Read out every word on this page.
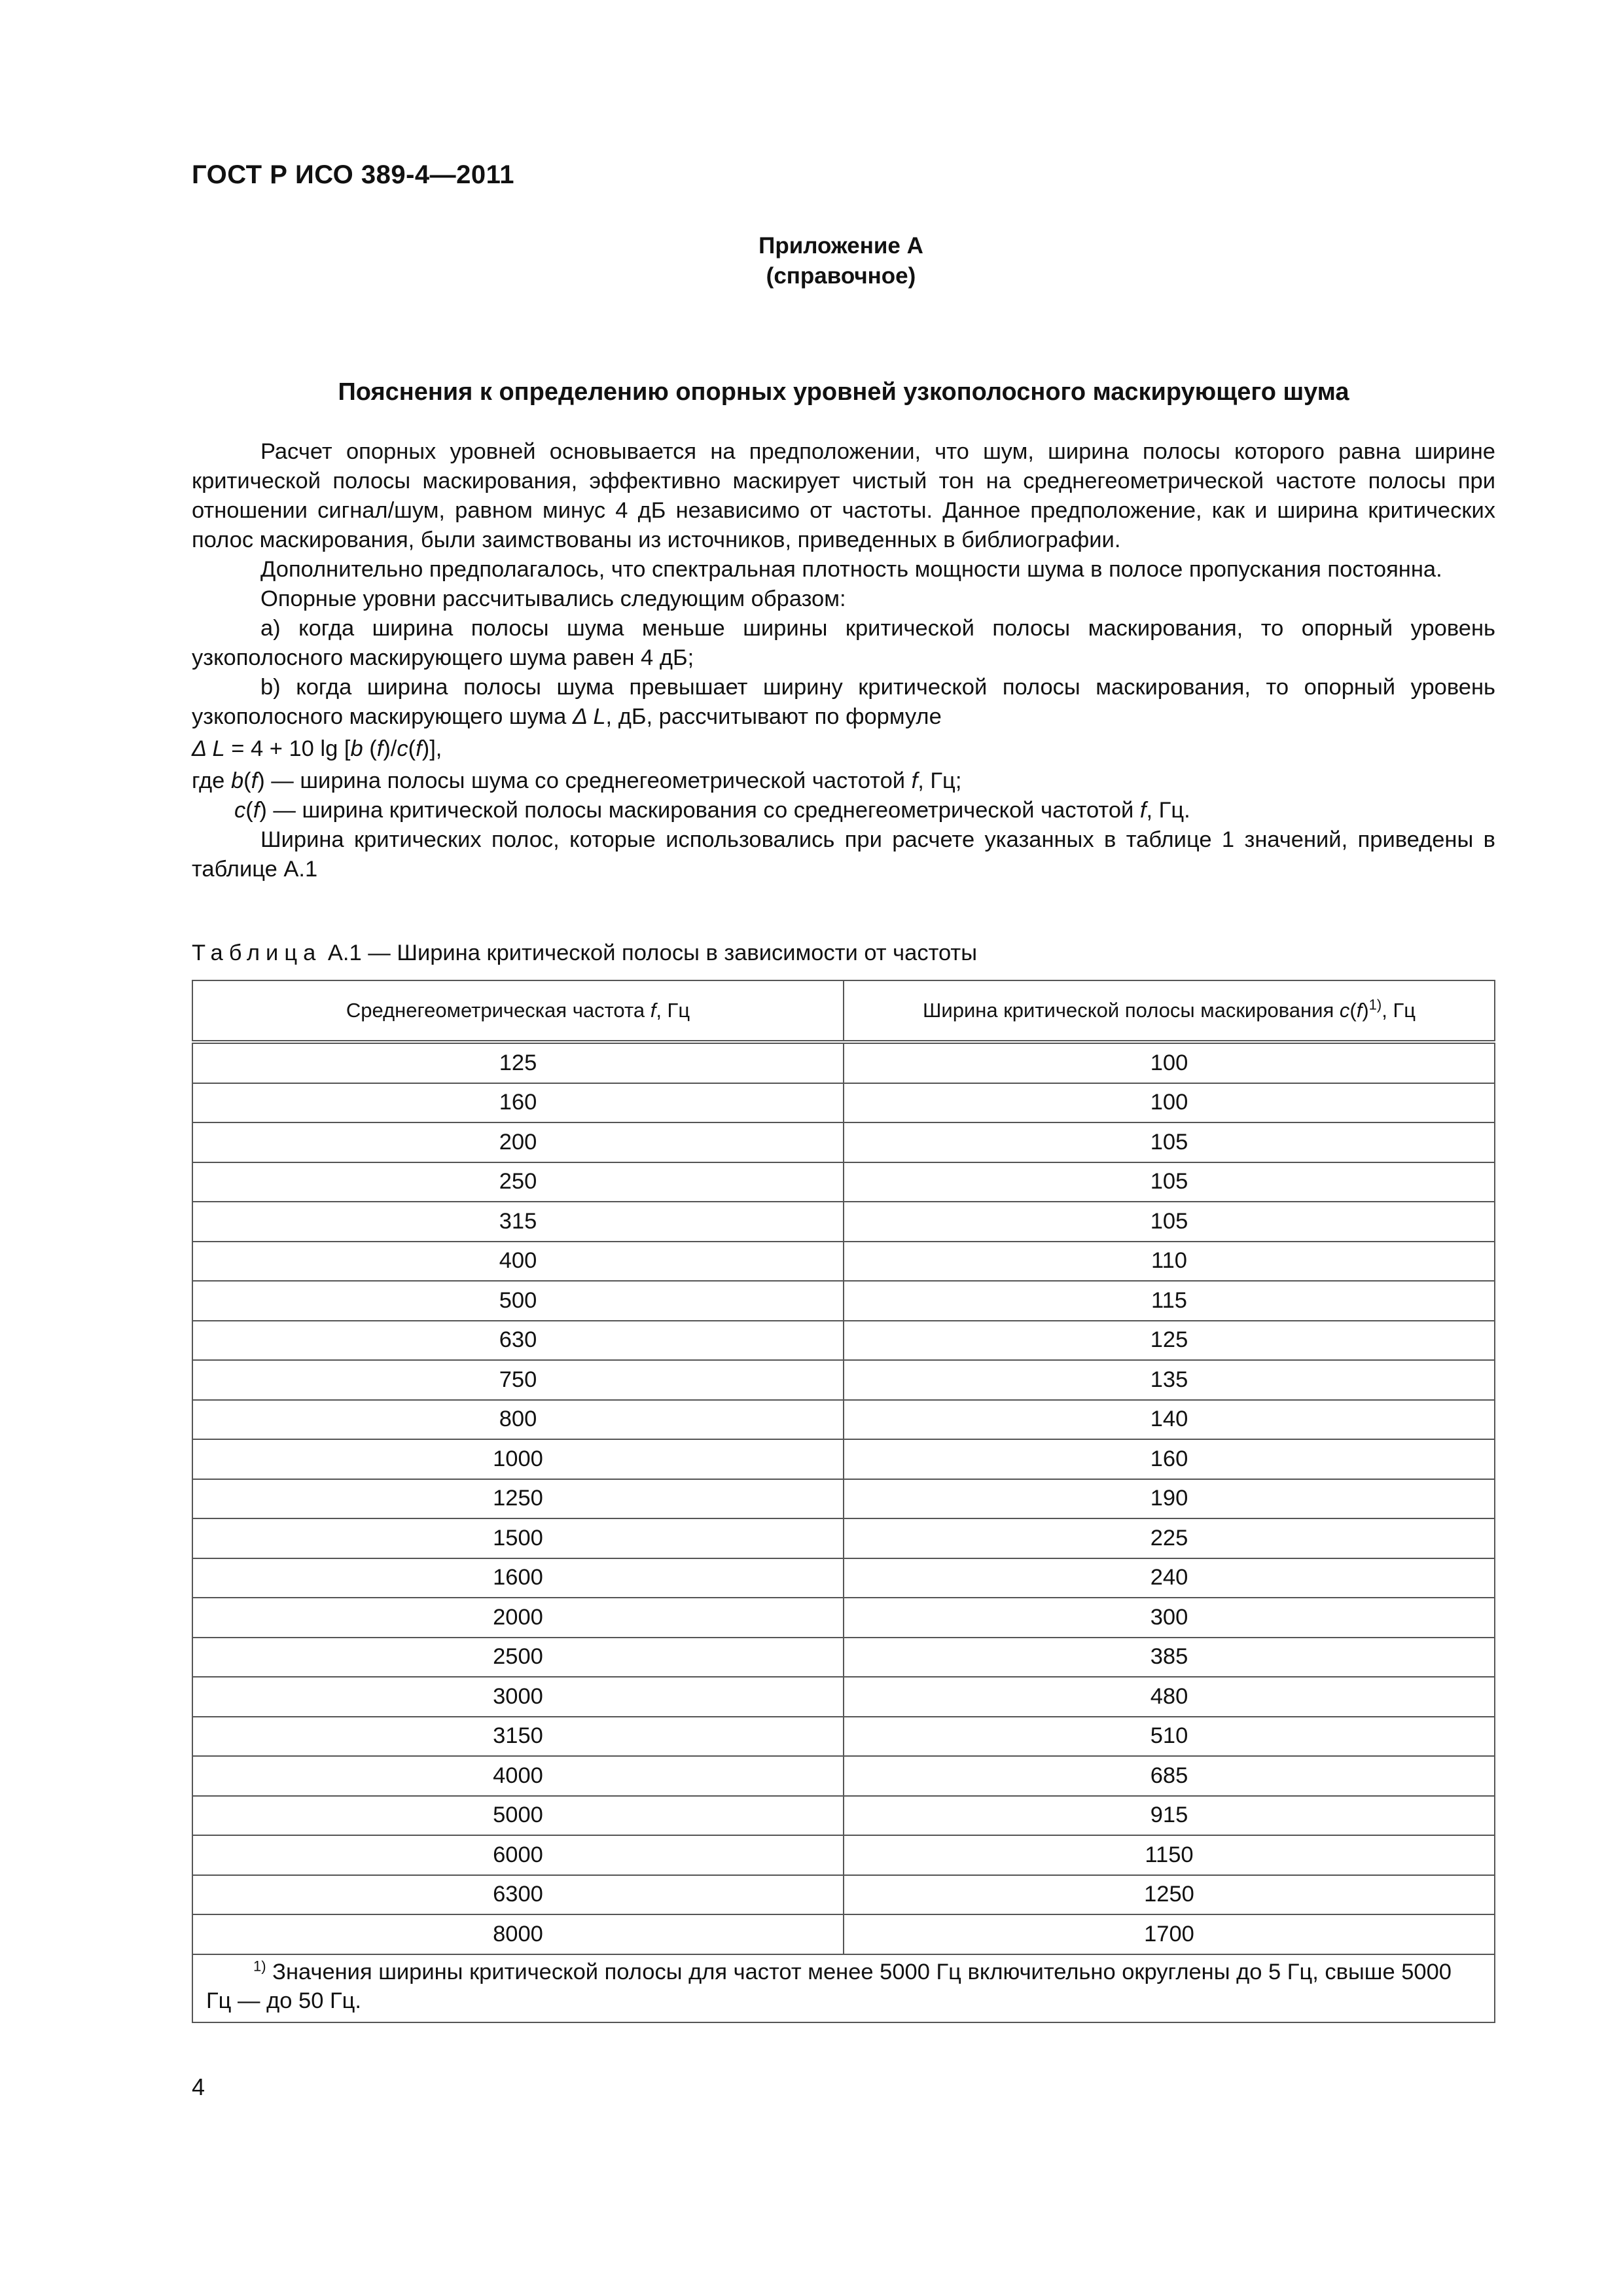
ГОСТ Р ИСО 389-4—2011
Приложение А
(справочное)
Пояснения к определению опорных уровней узкополосного маскирующего шума

Расчет опорных уровней основывается на предположении, что шум, ширина полосы которого равна ширине критической полосы маскирования, эффективно маскирует чистый тон на среднегеометрической частоте полосы при отношении сигнал/шум, равном минус 4 дБ независимо от частоты. Данное предположение, как и ширина критических полос маскирования, были заимствованы из источников, приведенных в библиографии.

Дополнительно предполагалось, что спектральная плотность мощности шума в полосе пропускания постоянна.

Опорные уровни рассчитывались следующим образом:

а) когда ширина полосы шума меньше ширины критической полосы маскирования, то опорный уровень узкополосного маскирующего шума равен 4 дБ;

b) когда ширина полосы шума превышает ширину критической полосы маскирования, то опорный уровень узкополосного маскирующего шума Δ L, дБ, рассчитывают по формуле

Δ L = 4 + 10 lg [b (f)/c(f)],

где b(f) — ширина полосы шума со среднегеометрической частотой f, Гц;

c(f) — ширина критической полосы маскирования со среднегеометрической частотой f, Гц.

Ширина критических полос, которые использовались при расчете указанных в таблице 1 значений, приведены в таблице А.1

Таблица А.1 — Ширина критической полосы в зависимости от частоты
Среднегеометрическая частота f, Гц	Ширина критической полосы маскирования $c(f)^{1)}$, Гц
125	100
160	100
200	105
250	105
315	105
400	110
500	115
630	125
750	135
800	140
1000	160
1250	190
1500	225
1600	240
2000	300
2500	385
3000	480
3150	510
4000	685
5000	915
6000	1150
6300	1250
8000	1700
$^{1)}$ Значения ширины критической полосы для частот менее 5000 Гц включительно округлены до 5 Гц, свыше 5000 Гц — до 50 Гц.	
4
